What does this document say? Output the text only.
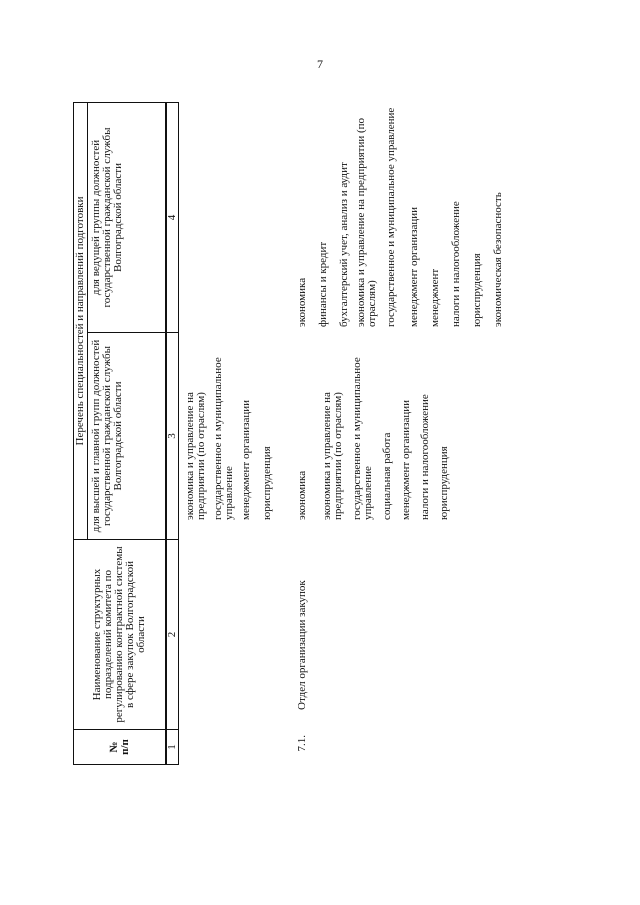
7
№ п/п
Наименование структурных подразделений комитета по регулированию контрактной системы в сфере закупок Волгоградской области
Перечень специальностей и направлений подготовки для высшей и главной групп должностей государственной гражданской службы Волгоградской области
для ведущей группы должностей государственной гражданской службы Волгоградской области
1
2
3
4
экономика и управление на предприятии (по отраслям) государственное и муниципальное управление менеджмент организации юриспруденция
7.1.
Отдел организации закупок
экономика экономика и управление на предприятии (по отраслям) государственное и муниципальное управление социальная работа менеджмент организации налоги и налогообложение юриспруденция
экономика финансы и кредит бухгалтерский учет, анализ и аудит экономика и управление на предприятии (по отраслям) государственное и муниципальное управление менеджмент организации менеджмент налоги и налогообложение юриспруденция экономическая безопасность
